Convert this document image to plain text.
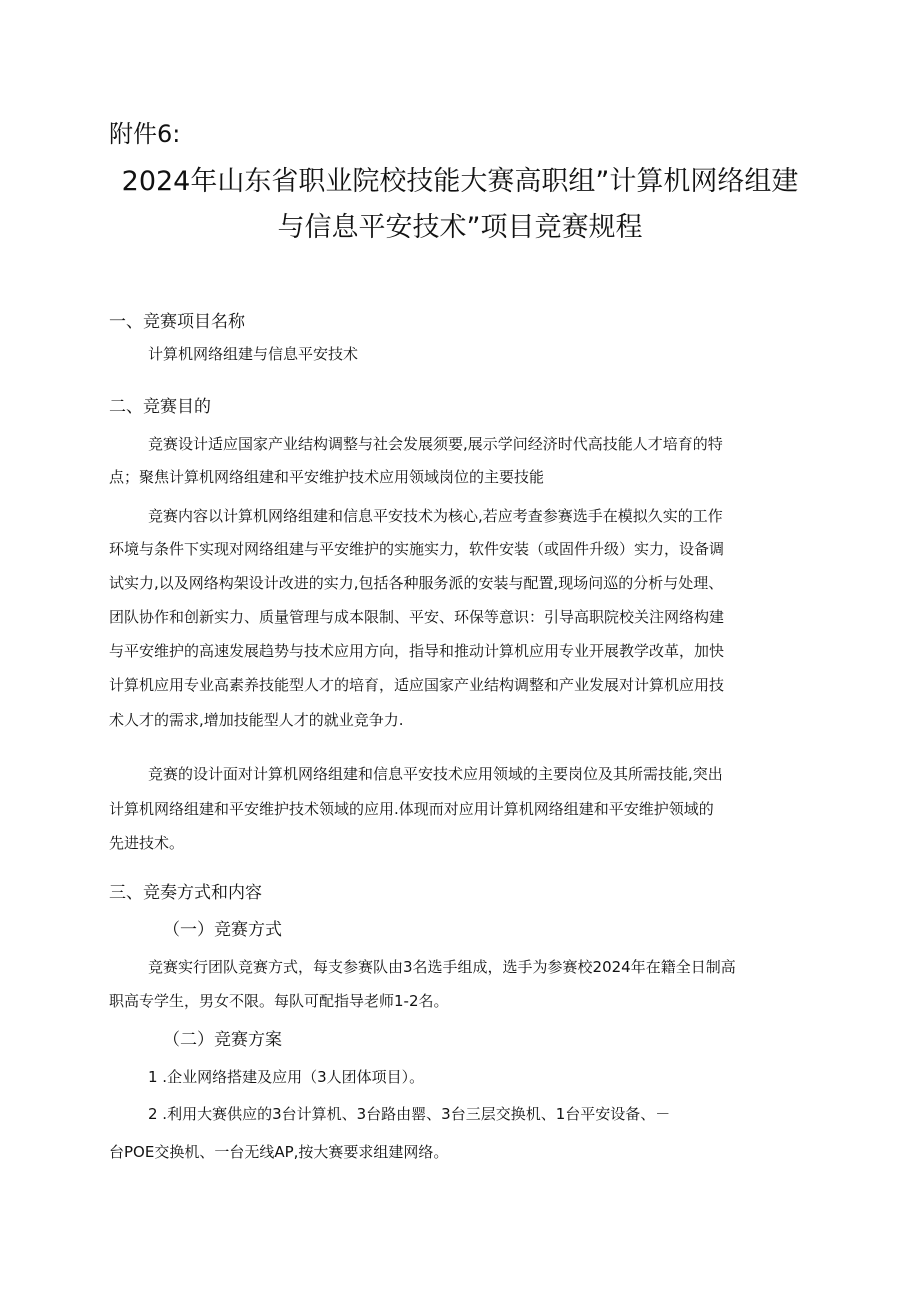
附件6:
2024年山东省职业院校技能大赛高职组”计算机网络组建
与信息平安技术”项目竞赛规程
一、竞赛项目名称
计算机网络组建与信息平安技术
二、竞赛目的
竞赛设计适应国家产业结构调整与社会发展须要,展示学问经济时代高技能人才培育的特
点；聚焦计算机网络组建和平安维护技术应用领域岗位的主要技能
竞赛内容以计算机网络组建和信息平安技术为核心,若应考查参赛选手在模拟久实的工作
环境与条件下实现对网络组建与平安维护的实施实力，软件安装（或固件升级）实力，设备调
试实力,以及网络构架设计改进的实力,包括各种服务派的安装与配置,现场问巡的分析与处理、
团队协作和创新实力、质量管理与成本限制、平安、环保等意识：引导高职院校关注网络构建
与平安维护的高速发展趋势与技术应用方向，指导和推动计算机应用专业开展教学改革，加快
计算机应用专业高素养技能型人才的培育，适应国家产业结构调整和产业发展对计算机应用技
术人才的需求,增加技能型人才的就业竞争力.
竞赛的设计面对计算机网络组建和信息平安技术应用领域的主要岗位及其所需技能,突出
计算机网络组建和平安维护技术领域的应用.体现而对应用计算机网络组建和平安维护领域的
先进技术。
三、竞奏方式和内容
（一）竞赛方式
竞赛实行团队竞赛方式，每支参赛队由3名选手组成，选手为参赛校2024年在籍全日制高
职高专学生，男女不限。每队可配指导老师1-2名。
（二）竞赛方案
1 .企业网络搭建及应用（3人团体项目）。
2 .利用大赛供应的3台计算机、3台路由罂、3台三层交换机、1台平安设备、－
台POE交换机、一台无线AP,按大赛要求组建网络。
